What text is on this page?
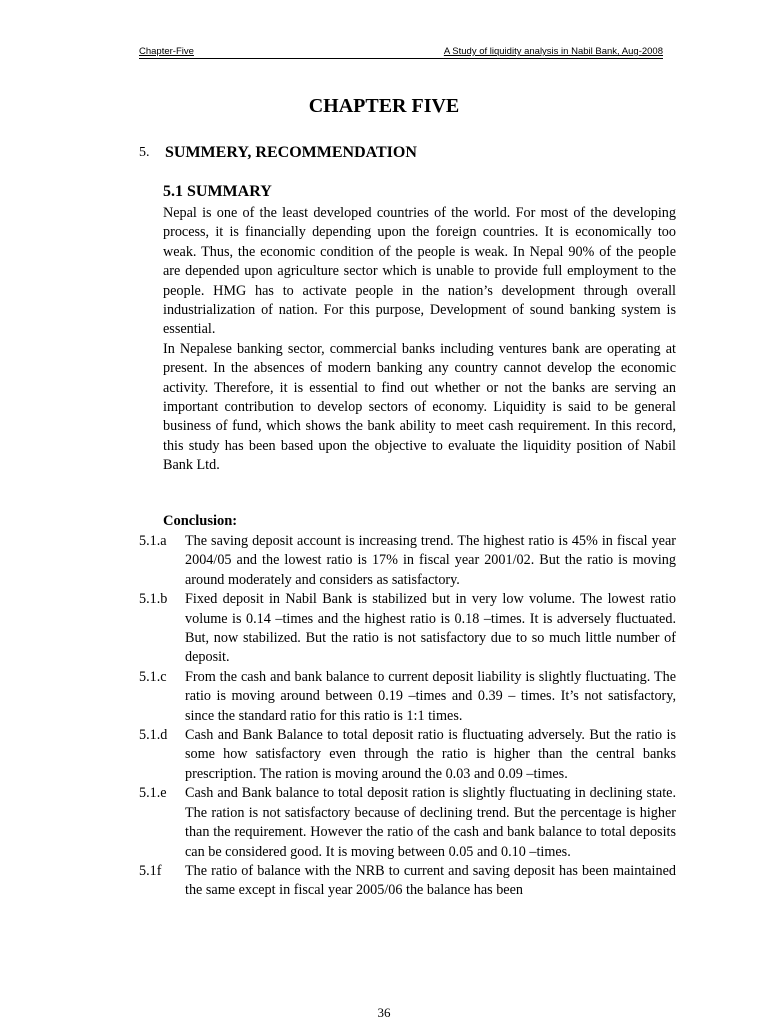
Chapter-Five	A Study of liquidity analysis in Nabil Bank, Aug-2008
CHAPTER FIVE
5. SUMMERY, RECOMMENDATION
5.1 SUMMARY

Nepal is one of the least developed countries of the world. For most of the developing process, it is financially depending upon the foreign countries. It is economically too weak. Thus, the economic condition of the people is weak. In Nepal 90% of the people are depended upon agriculture sector which is unable to provide full employment to the people. HMG has to activate people in the nation’s development through overall industrialization of nation. For this purpose, Development of sound banking system is essential.

In Nepalese banking sector, commercial banks including ventures bank are operating at present. In the absences of modern banking any country cannot develop the economic activity. Therefore, it is essential to find out whether or not the banks are serving an important contribution to develop sectors of economy. Liquidity is said to be general business of fund, which shows the bank ability to meet cash requirement. In this record, this study has been based upon the objective to evaluate the liquidity position of Nabil Bank Ltd.

Conclusion:
5.1.a	The saving deposit account is increasing trend. The highest ratio is 45% in fiscal year 2004/05 and the lowest ratio is 17% in fiscal year 2001/02. But the ratio is moving around moderately and considers as satisfactory.
5.1.b	Fixed deposit in Nabil Bank is stabilized but in very low volume. The lowest ratio volume is 0.14 –times and the highest ratio is 0.18 –times. It is adversely fluctuated. But, now stabilized. But the ratio is not satisfactory due to so much little number of deposit.
5.1.c	From the cash and bank balance to current deposit liability is slightly fluctuating. The ratio is moving around between 0.19 –times and 0.39 – times. It’s not satisfactory, since the standard ratio for this ratio is 1:1 times.
5.1.d	Cash and Bank Balance to total deposit ratio is fluctuating adversely. But the ratio is some how satisfactory even through the ratio is higher than the central banks prescription. The ration is moving around the 0.03 and 0.09 –times.
5.1.e	Cash and Bank balance to total deposit ration is slightly fluctuating in declining state. The ration is not satisfactory because of declining trend. But the percentage is higher than the requirement. However the ratio of the cash and bank balance to total deposits can be considered good. It is moving between 0.05 and 0.10 –times.
5.1f	The ratio of balance with the NRB to current and saving deposit has been maintained the same except in fiscal year 2005/06 the balance has been
36
